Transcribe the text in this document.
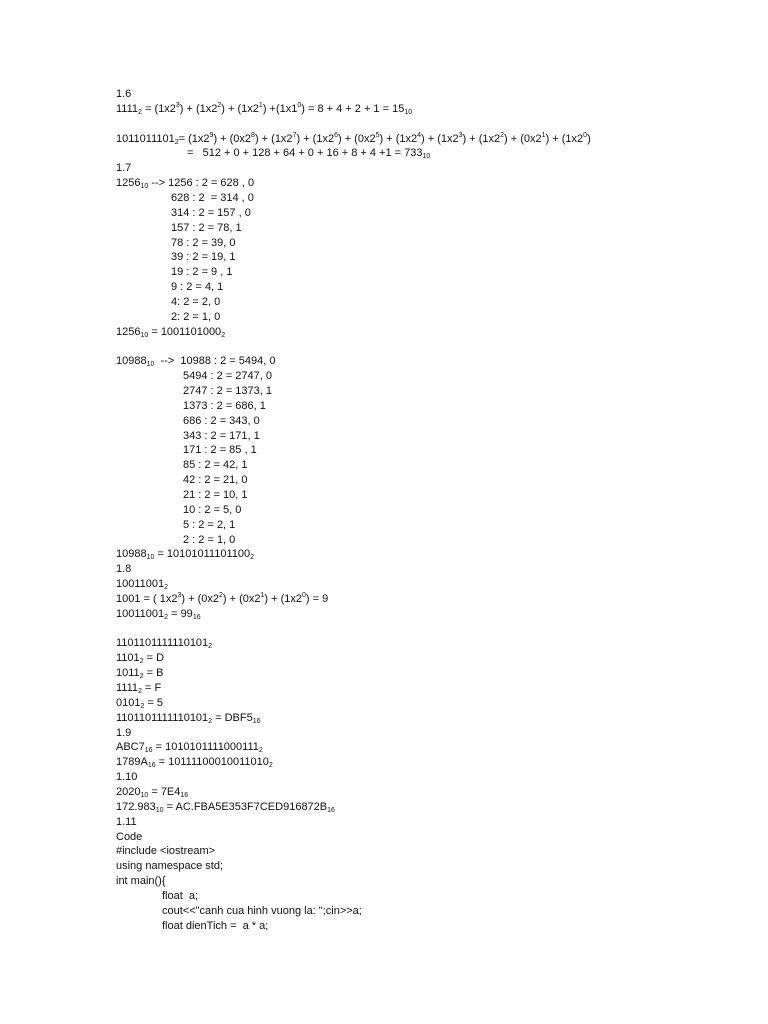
1.6
$1111_2 = (1x2^3) + (1x2^2) + (1x2^1) +(1x1^0) = 8 + 4 + 2 + 1 = 15_{10}$
$1011011101_2= (1x2^9) + (0x2^8) + (1x2^7) + (1x2^6) + (0x2^5) + (1x2^4) + (1x2^3) + (1x2^2) + (0x2^1) + (1x2^0)$
=   $512 + 0 + 128 + 64 + 0 + 16 + 8 + 4 +1 = 733_{10}$
1.7
$1256_{10}$ --> 1256 : 2 = 628 , 0
628 : 2  = 314 , 0
314 : 2 = 157 , 0
157 : 2 = 78, 1
78 : 2 = 39, 0
39 : 2 = 19, 1
19 : 2 = 9 , 1
9 : 2 = 4, 1
4: 2 = 2, 0
2: 2 = 1, 0
$1256_{10} = 1001101000_2$
$10988_{10}$  -->  10988 : 2 = 5494, 0
5494 : 2 = 2747, 0
2747 : 2 = 1373, 1
1373 : 2 = 686, 1
686 : 2 = 343, 0
343 : 2 = 171, 1
171 : 2 = 85 , 1
85 : 2 = 42, 1
42 : 2 = 21, 0
21 : 2 = 10, 1
10 : 2 = 5, 0
5 : 2 = 2, 1
2 : 2 = 1, 0
$10988_{10} = 10101011101100_2$
1.8
$10011001_2$
1001 = ( $1x2^3) + (0x2^2) + (0x2^1) + (1x2^0) = 9$
$10011001_2 = 99_{16}$
$1101101111110101_2$
$1101_2 = D$
$1011_2 = B$
$1111_2 = F$
$0101_2 = 5$
$1101101111110101_2 = DBF5_{16}$
1.9
$ABC7_{16} = 1010101111000111_2$
$1789A_{16} = 10111100010011010_2$
1.10
$2020_{10} = 7E4_{16}$
$172.983_{10} = AC.FBA5E353F7CED916872B_{16}$
1.11
Code
#include <iostream>
using namespace std;
int main(){
float  a;
cout<<"canh cua hinh vuong la: ";cin>>a;
float dienTich =  a * a;
